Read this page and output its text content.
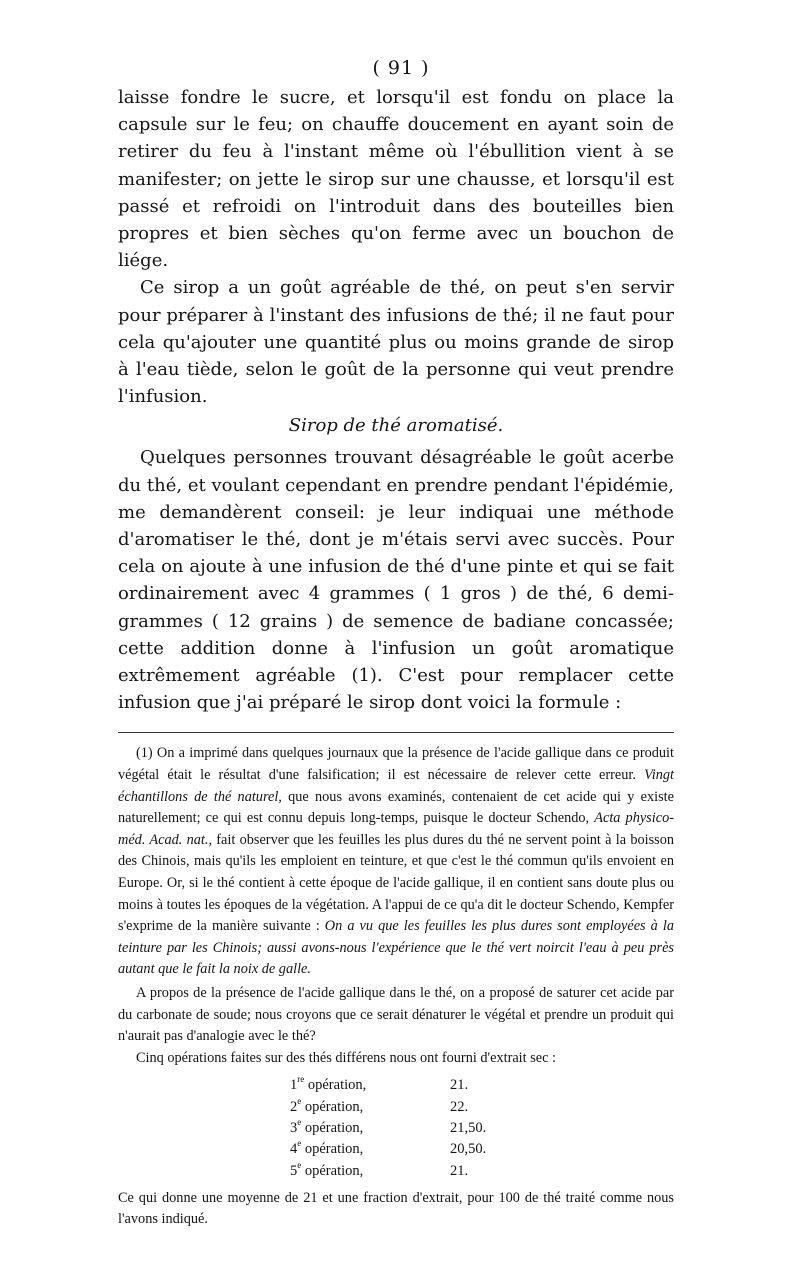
( 91 )

laisse fondre le sucre, et lorsqu'il est fondu on place la capsule sur le feu; on chauffe doucement en ayant soin de retirer du feu à l'instant même où l'ébullition vient à se manifester; on jette le sirop sur une chausse, et lorsqu'il est passé et refroidi on l'introduit dans des bouteilles bien propres et bien sèches qu'on ferme avec un bouchon de liége.

Ce sirop a un goût agréable de thé, on peut s'en servir pour préparer à l'instant des infusions de thé; il ne faut pour cela qu'ajouter une quantité plus ou moins grande de sirop à l'eau tiède, selon le goût de la personne qui veut prendre l'infusion.

Sirop de thé aromatisé.

Quelques personnes trouvant désagréable le goût acerbe du thé, et voulant cependant en prendre pendant l'épidémie, me demandèrent conseil: je leur indiquai une méthode d'aromatiser le thé, dont je m'étais servi avec succès. Pour cela on ajoute à une infusion de thé d'une pinte et qui se fait ordinairement avec 4 grammes ( 1 gros ) de thé, 6 demi-grammes ( 12 grains ) de semence de badiane concassée; cette addition donne à l'infusion un goût aromatique extrêmement agréable (1). C'est pour remplacer cette infusion que j'ai préparé le sirop dont voici la formule :

(1) On a imprimé dans quelques journaux que la présence de l'acide gallique dans ce produit végétal était le résultat d'une falsification; il est nécessaire de relever cette erreur. Vingt échantillons de thé naturel, que nous avons examinés, contenaient de cet acide qui y existe naturellement; ce qui est connu depuis long-temps, puisque le docteur Schendo, Acta physico-méd. Acad. nat., fait observer que les feuilles les plus dures du thé ne servent point à la boisson des Chinois, mais qu'ils les emploient en teinture, et que c'est le thé commun qu'ils envoient en Europe. Or, si le thé contient à cette époque de l'acide gallique, il en contient sans doute plus ou moins à toutes les époques de la végétation. A l'appui de ce qu'a dit le docteur Schendo, Kempfer s'exprime de la manière suivante : On a vu que les feuilles les plus dures sont employées à la teinture par les Chinois; aussi avons-nous l'expérience que le thé vert noircit l'eau à peu près autant que le fait la noix de galle.

A propos de la présence de l'acide gallique dans le thé, on a proposé de saturer cet acide par du carbonate de soude; nous croyons que ce serait dénaturer le végétal et prendre un produit qui n'aurait pas d'analogie avec le thé?

Cinq opérations faites sur des thés différens nous ont fourni d'extrait sec :

1re opération,	21.
2e opération,	22.
3e opération,	21,50.
4e opération,	20,50.
5e opération,	21.

Ce qui donne une moyenne de 21 et une fraction d'extrait, pour 100 de thé traité comme nous l'avons indiqué.
